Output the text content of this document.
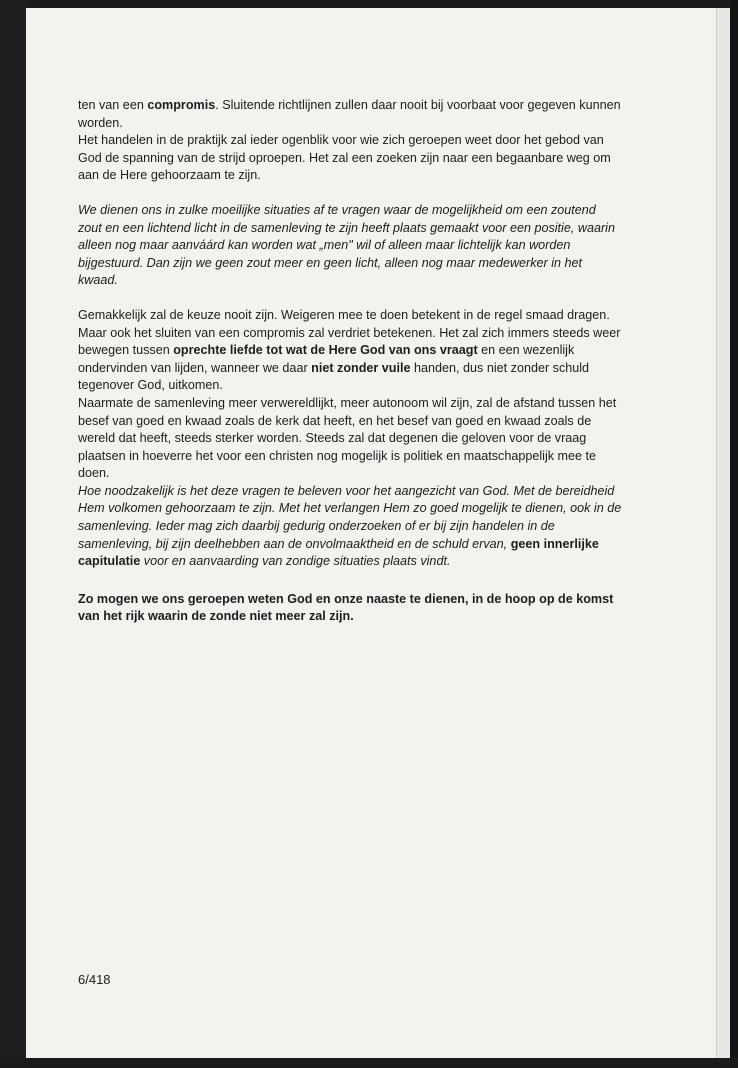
ten van een compromis. Sluitende richtlijnen zullen daar nooit bij voorbaat voor gegeven kunnen worden.

Het handelen in de praktijk zal ieder ogenblik voor wie zich geroepen weet door het gebod van God de spanning van de strijd oproepen. Het zal een zoeken zijn naar een begaanbare weg om aan de Here gehoorzaam te zijn.

We dienen ons in zulke moeilijke situaties af te vragen waar de mogelijkheid om een zoutend zout en een lichtend licht in de samenleving te zijn heeft plaats gemaakt voor een positie, waarin alleen nog maar aanváárd kan worden wat „men" wil of alleen maar lichtelijk kan worden bijgestuurd. Dan zijn we geen zout meer en geen licht, alleen nog maar medewerker in het kwaad.

Gemakkelijk zal de keuze nooit zijn. Weigeren mee te doen betekent in de regel smaad dragen. Maar ook het sluiten van een compromis zal verdriet betekenen. Het zal zich immers steeds weer bewegen tussen oprechte liefde tot wat de Here God van ons vraagt en een wezenlijk ondervinden van lijden, wanneer we daar niet zonder vuile handen, dus niet zonder schuld tegenover God, uitkomen.

Naarmate de samenleving meer verwereldlijkt, meer autonoom wil zijn, zal de afstand tussen het besef van goed en kwaad zoals de kerk dat heeft, en het besef van goed en kwaad zoals de wereld dat heeft, steeds sterker worden. Steeds zal dat degenen die geloven voor de vraag plaatsen in hoeverre het voor een christen nog mogelijk is politiek en maatschappelijk mee te doen.

Hoe noodzakelijk is het deze vragen te beleven voor het aangezicht van God. Met de bereidheid Hem volkomen gehoorzaam te zijn. Met het verlangen Hem zo goed mogelijk te dienen, ook in de samenleving. Ieder mag zich daarbij gedurig onderzoeken of er bij zijn handelen in de samenleving, bij zijn deelhebben aan de onvolmaaktheid en de schuld ervan, geen innerlijke capitulatie voor en aanvaarding van zondige situaties plaats vindt.

Zo mogen we ons geroepen weten God en onze naaste te dienen, in de hoop op de komst van het rijk waarin de zonde niet meer zal zijn.

6/418
